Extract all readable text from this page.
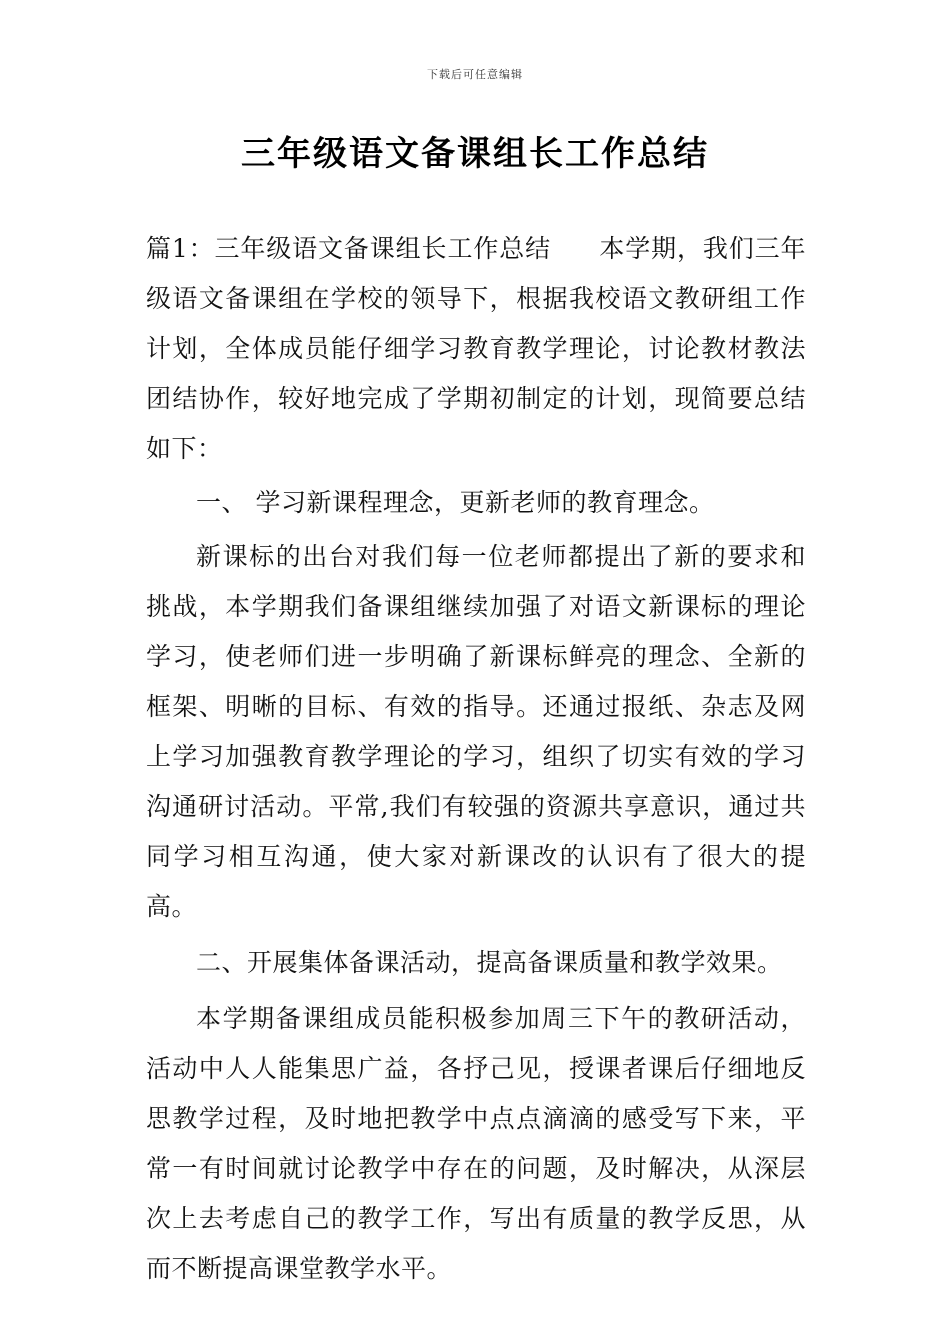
下载后可任意编辑
三年级语文备课组长工作总结

篇1：三年级语文备课组长工作总结 本学期，我们三年级语文备课组在学校的领导下，根据我校语文教研组工作计划，全体成员能仔细学习教育教学理论，讨论教材教法团结协作，较好地完成了学期初制定的计划，现简要总结如下：

一、 学习新课程理念，更新老师的教育理念。

新课标的出台对我们每一位老师都提出了新的要求和挑战，本学期我们备课组继续加强了对语文新课标的理论学习，使老师们进一步明确了新课标鲜亮的理念、全新的框架、明晰的目标、有效的指导。还通过报纸、杂志及网上学习加强教育教学理论的学习，组织了切实有效的学习沟通研讨活动。平常,我们有较强的资源共享意识，通过共同学习相互沟通，使大家对新课改的认识有了很大的提高。

二、开展集体备课活动，提高备课质量和教学效果。

本学期备课组成员能积极参加周三下午的教研活动，活动中人人能集思广益，各抒己见，授课者课后仔细地反思教学过程，及时地把教学中点点滴滴的感受写下来，平常一有时间就讨论教学中存在的问题，及时解决，从深层次上去考虑自己的教学工作，写出有质量的教学反思，从而不断提高课堂教学水平。
